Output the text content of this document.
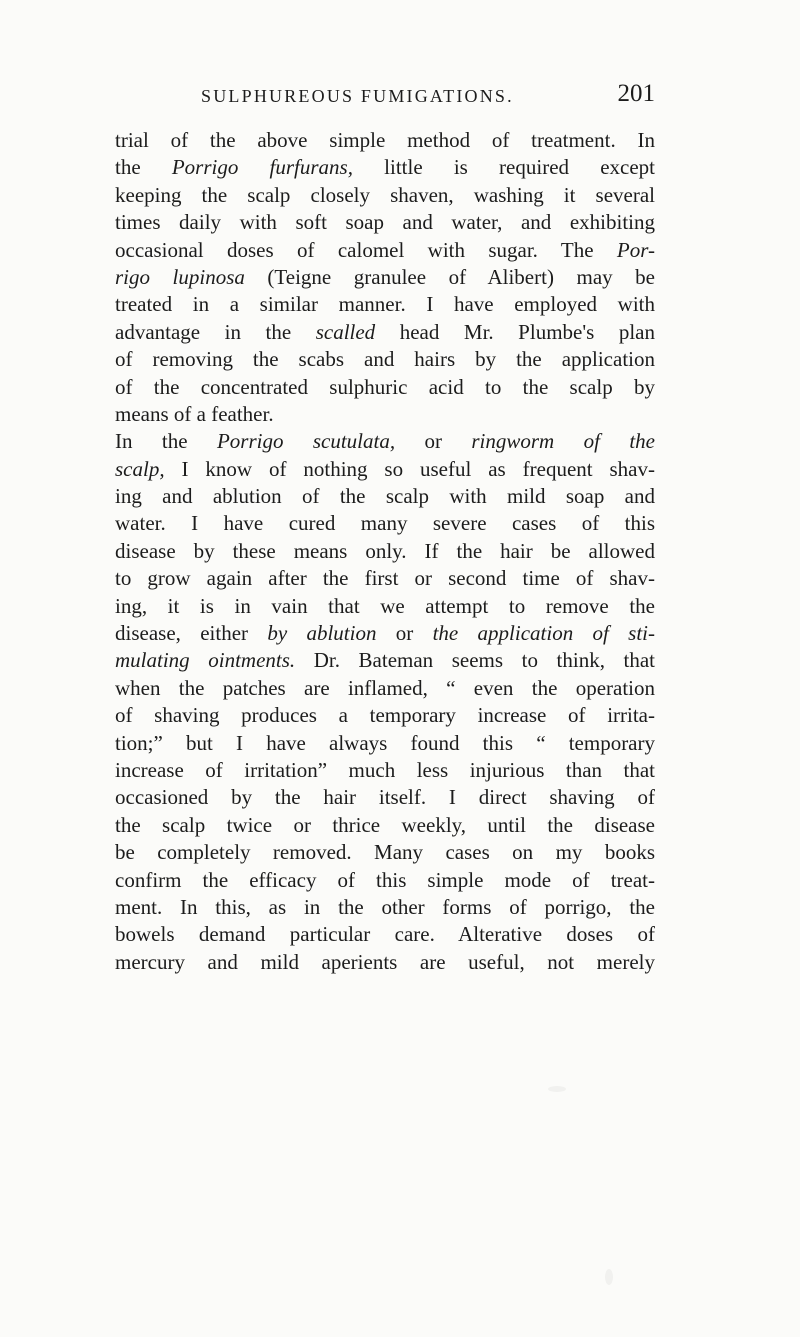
SULPHUREOUS FUMIGATIONS.	201
trial of the above simple method of treatment. In
the Porrigo furfurans, little is required except
keeping the scalp closely shaven, washing it several
times daily with soft soap and water, and exhibiting
occasional doses of calomel with sugar. The Por-
rigo lupinosa (Teigne granulee of Alibert) may be
treated in a similar manner. I have employed with
advantage in the scalled head Mr. Plumbe's plan
of removing the scabs and hairs by the application
of the concentrated sulphuric acid to the scalp by
means of a feather.
In the Porrigo scutulata, or ringworm of the
scalp, I know of nothing so useful as frequent shav-
ing and ablution of the scalp with mild soap and
water. I have cured many severe cases of this
disease by these means only. If the hair be allowed
to grow again after the first or second time of shav-
ing, it is in vain that we attempt to remove the
disease, either by ablution or the application of sti-
mulating ointments. Dr. Bateman seems to think, that
when the patches are inflamed, “ even the operation
of shaving produces a temporary increase of irrita-
tion;” but I have always found this “ temporary
increase of irritation” much less injurious than that
occasioned by the hair itself. I direct shaving of
the scalp twice or thrice weekly, until the disease
be completely removed. Many cases on my books
confirm the efficacy of this simple mode of treat-
ment. In this, as in the other forms of porrigo, the
bowels demand particular care. Alterative doses of
mercury and mild aperients are useful, not merely
